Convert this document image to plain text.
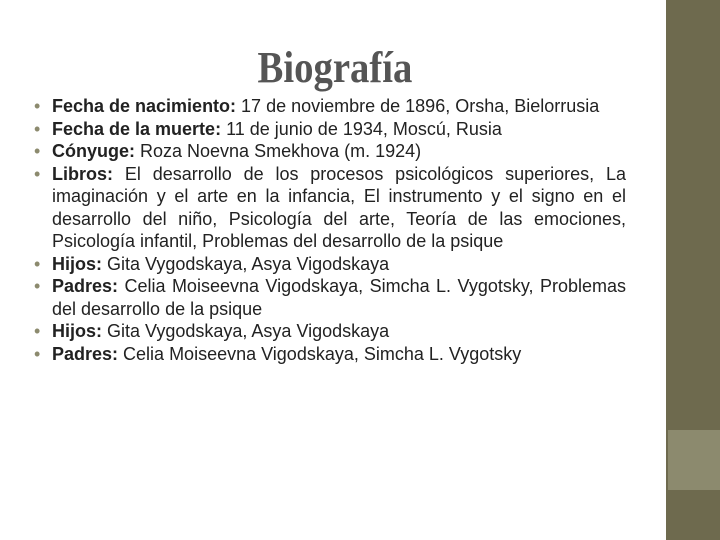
Biografía
• Fecha de nacimiento: 17 de noviembre de 1896, Orsha, Bielorrusia
• Fecha de la muerte: 11 de junio de 1934, Moscú, Rusia
• Cónyuge: Roza Noevna Smekhova (m. 1924)
• Libros: El desarrollo de los procesos psicológicos superiores, La imaginación y el arte en la infancia, El instrumento y el signo en el desarrollo del niño, Psicología del arte, Teoría de las emociones, Psicología infantil, Problemas del desarrollo de la psique
• Hijos: Gita Vygodskaya, Asya Vigodskaya
• Padres: Celia Moiseevna Vigodskaya, Simcha L. Vygotsky, Problemas del desarrollo de la psique
• Hijos: Gita Vygodskaya, Asya Vigodskaya
• Padres: Celia Moiseevna Vigodskaya, Simcha L. Vygotsky
